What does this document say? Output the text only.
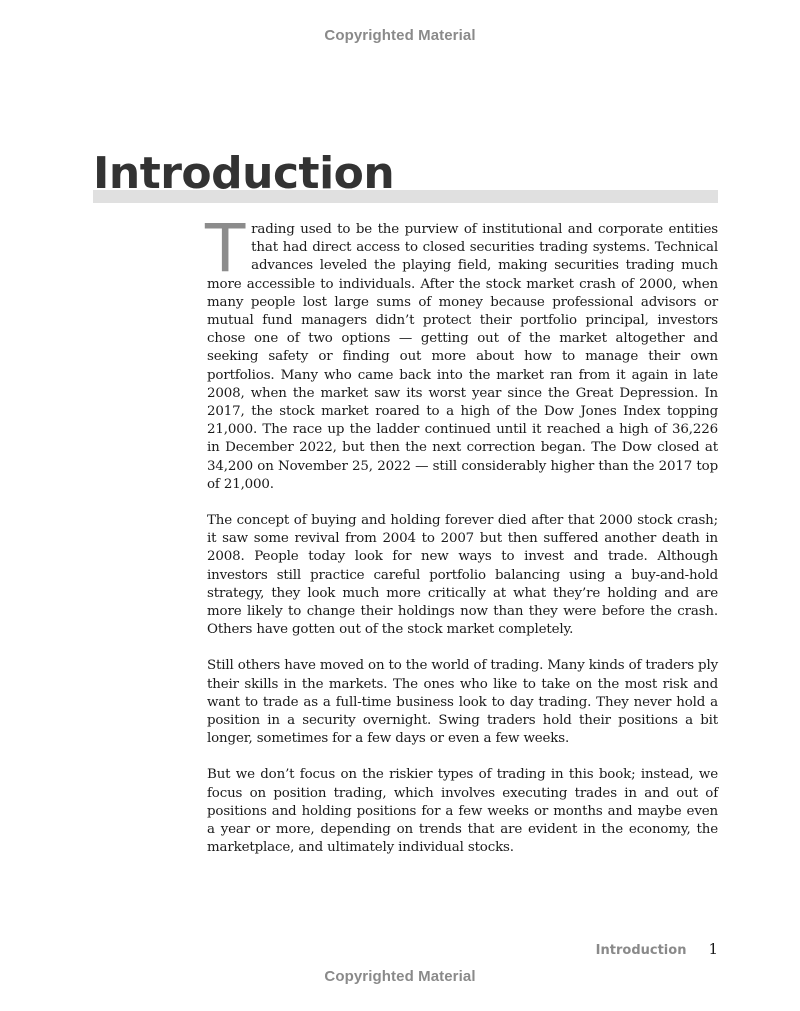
Copyrighted Material
Introduction

Trading used to be the purview of institutional and corporate entities that had direct access to closed securities trading systems. Technical advances leveled the playing field, making securities trading much more accessible to individuals. After the stock market crash of 2000, when many people lost large sums of money because professional advisors or mutual fund managers didn’t protect their portfolio principal, investors chose one of two options — getting out of the market altogether and seeking safety or finding out more about how to manage their own portfolios. Many who came back into the market ran from it again in late 2008, when the market saw its worst year since the Great Depression. In 2017, the stock market roared to a high of the Dow Jones Index topping 21,000. The race up the ladder continued until it reached a high of 36,226 in December 2022, but then the next correction began. The Dow closed at 34,200 on November 25, 2022 — still considerably higher than the 2017 top of 21,000.

The concept of buying and holding forever died after that 2000 stock crash; it saw some revival from 2004 to 2007 but then suffered another death in 2008. People today look for new ways to invest and trade. Although investors still practice careful portfolio balancing using a buy-and-hold strategy, they look much more critically at what they’re holding and are more likely to change their holdings now than they were before the crash. Others have gotten out of the stock market completely.

Still others have moved on to the world of trading. Many kinds of traders ply their skills in the markets. The ones who like to take on the most risk and want to trade as a full-time business look to day trading. They never hold a position in a security overnight. Swing traders hold their positions a bit longer, sometimes for a few days or even a few weeks.

But we don’t focus on the riskier types of trading in this book; instead, we focus on position trading, which involves executing trades in and out of positions and holding positions for a few weeks or months and maybe even a year or more, depending on trends that are evident in the economy, the marketplace, and ultimately individual stocks.

Introduction 1
Copyrighted Material
